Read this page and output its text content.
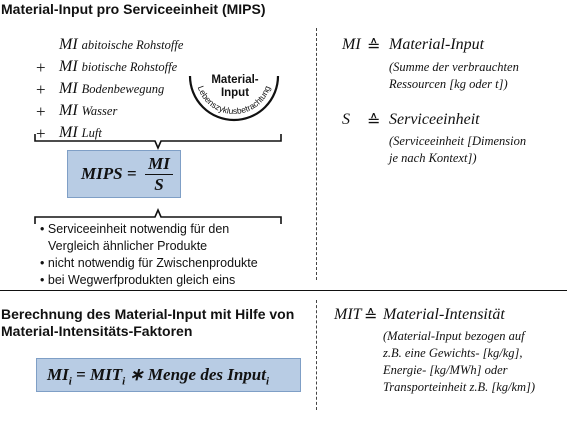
Material-Input pro Serviceeinheit (MIPS)
MI abitoische Rohstoffe
+ MI biotische Rohstoffe
+ MI Bodenbewegung
+ MI Wasser
+ MI Luft
Lebenszyklusbetrachtung
Material-
Input
MIPS =
MI
S
• Serviceeinheit notwendig für den
Vergleich ähnlicher Produkte
• nicht notwendig für Zwischenprodukte
• bei Wegwerfprodukten gleich eins
MI ≙ Material-Input
(Summe der verbrauchten
Ressourcen [kg oder t])
S ≙ Serviceeinheit
(Serviceeinheit [Dimension
je nach Kontext])
Berechnung des Material-Input mit Hilfe von
Material-Intensitäts-Faktoren
$MI_i = MIT_i$ ∗ Menge des Input$_i$
MIT ≙ Material-Intensität
(Material-Input bezogen auf
z.B. eine Gewichts- [kg/kg],
Energie- [kg/MWh] oder
Transporteinheit z.B. [kg/km])
